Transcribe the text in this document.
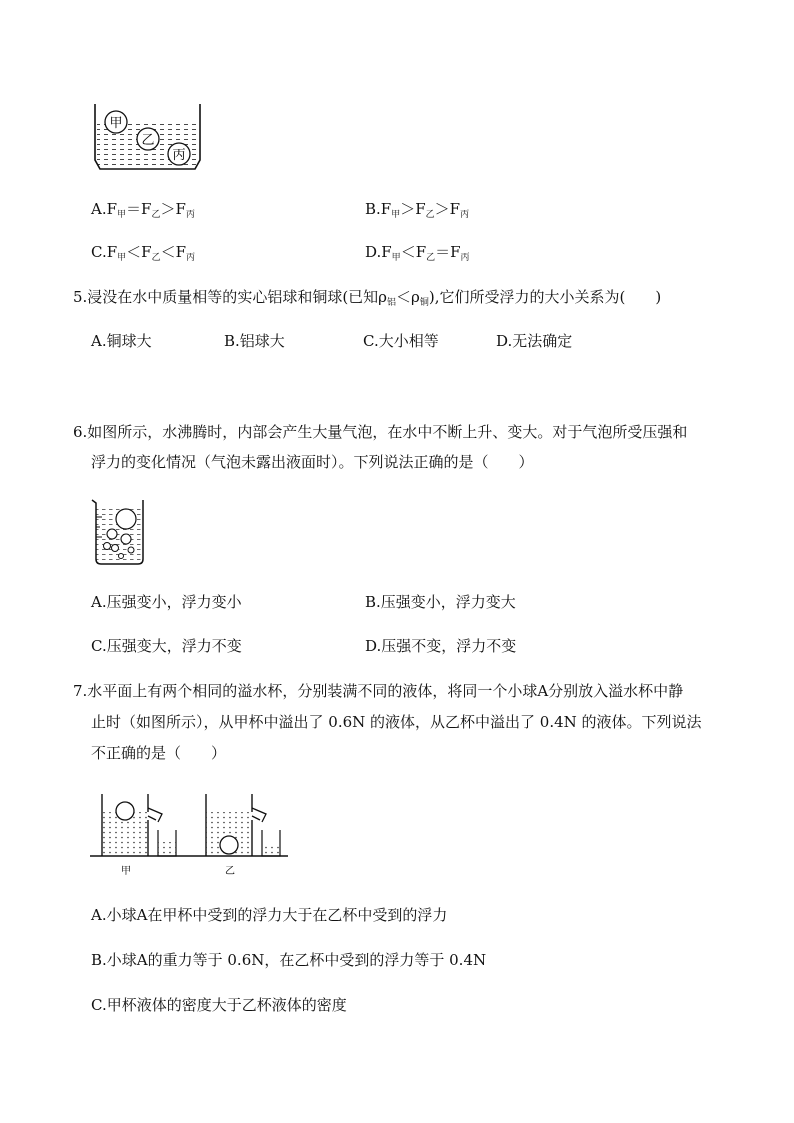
甲
乙
丙
$A.F_甲=F_乙>F_丙$	$B.F_甲>F_乙>F_丙$
$C.F_甲<F_乙<F_丙$	$D.F_甲<F_乙=F_丙$
5.浸没在水中质量相等的实心铝球和铜球(已知$\rho_铝<\rho_铜$),它们所受浮力的大小关系为(　　)
A.铜球大	B.铝球大	C.大小相等	D.无法确定
6.如图所示，水沸腾时，内部会产生大量气泡，在水中不断上升、变大。对于气泡所受压强和
浮力的变化情况（气泡未露出液面时）。下列说法正确的是（　　）
A.压强变小，浮力变小	B.压强变小，浮力变大
C.压强变大，浮力不变	D.压强不变，浮力不变
7.水平面上有两个相同的溢水杯，分别装满不同的液体，将同一个小球A分别放入溢水杯中静
止时（如图所示），从甲杯中溢出了 0.6N 的液体，从乙杯中溢出了 0.4N 的液体。下列说法
不正确的是（　　）
甲	乙
A.小球A在甲杯中受到的浮力大于在乙杯中受到的浮力
B.小球A的重力等于 0.6N，在乙杯中受到的浮力等于 0.4N
C.甲杯液体的密度大于乙杯液体的密度
